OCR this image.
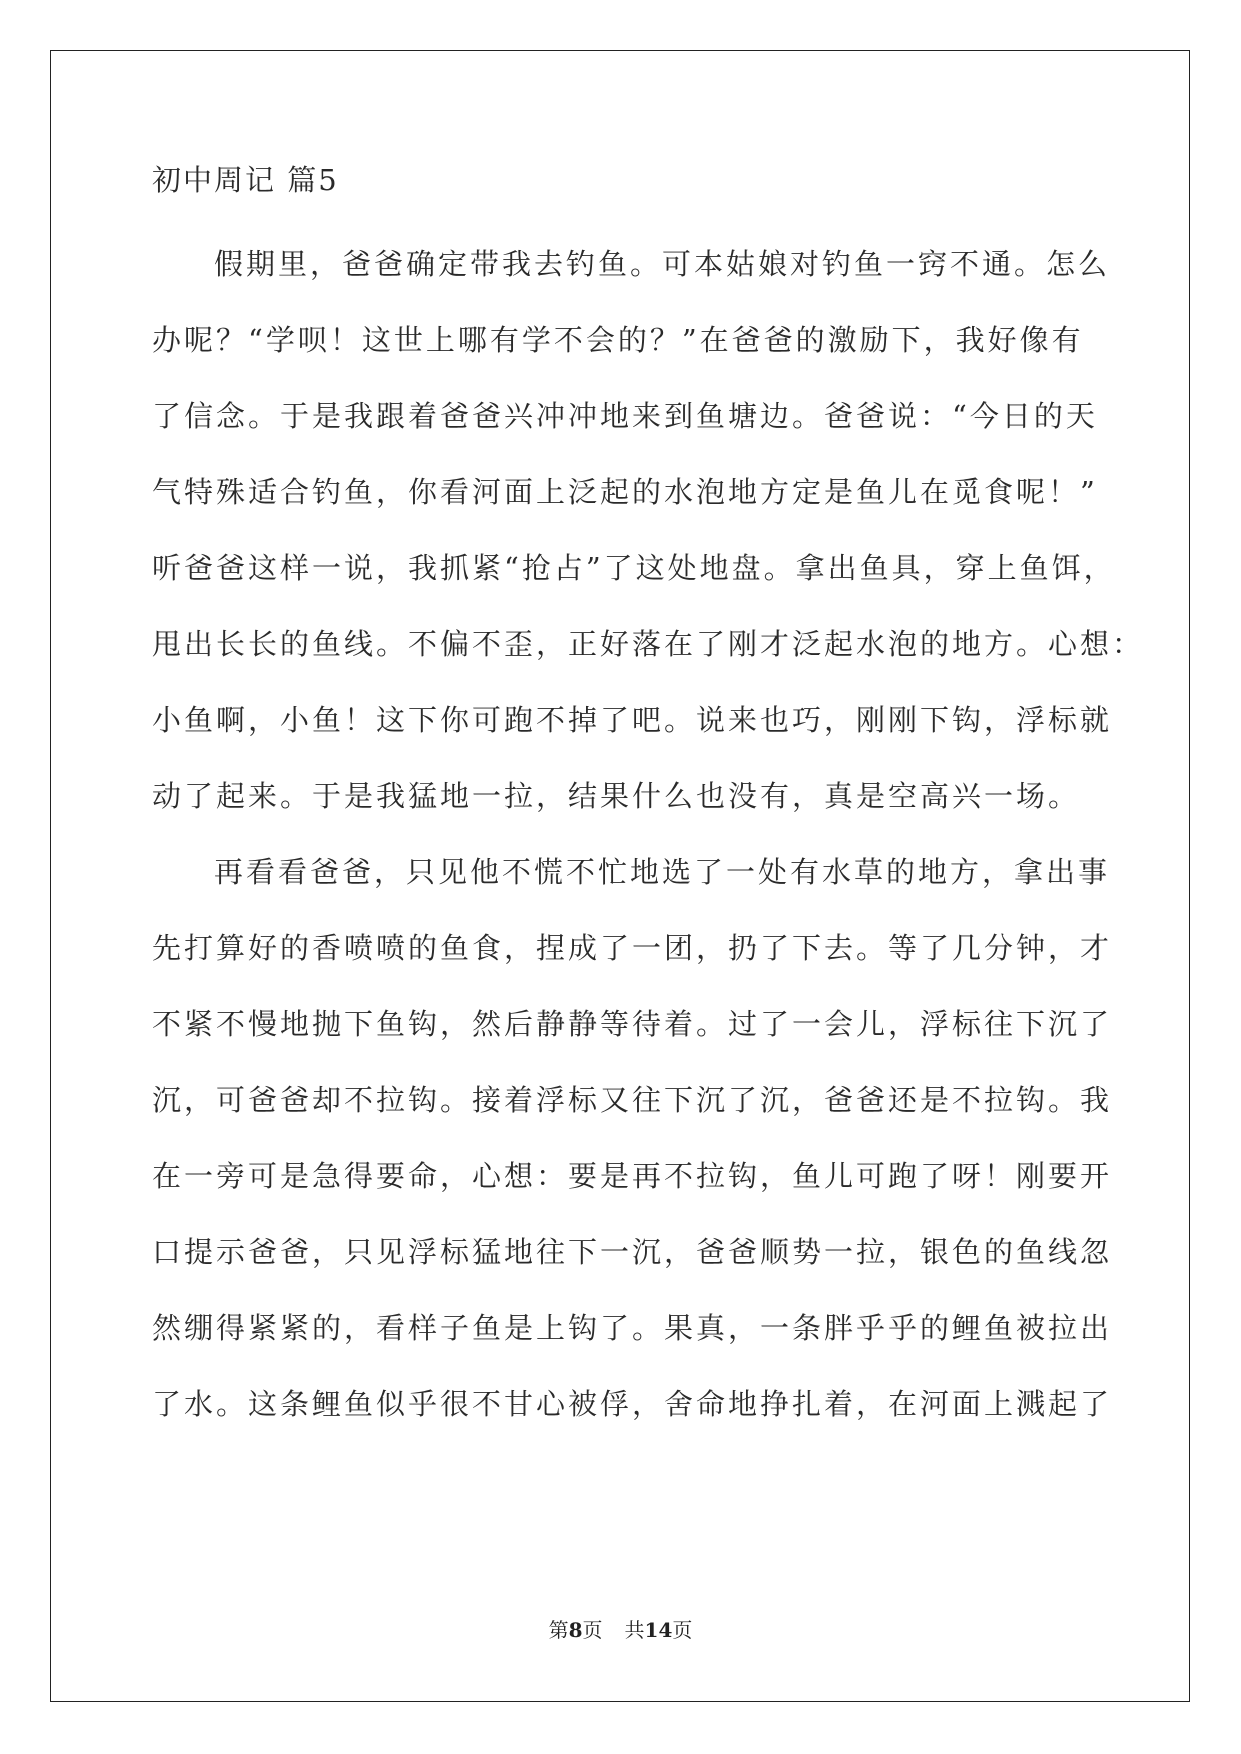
初中周记 篇5
假期里，爸爸确定带我去钓鱼。可本姑娘对钓鱼一窍不通。怎么
办呢？“学呗！这世上哪有学不会的？”在爸爸的激励下，我好像有
了信念。于是我跟着爸爸兴冲冲地来到鱼塘边。爸爸说：“今日的天
气特殊适合钓鱼，你看河面上泛起的水泡地方定是鱼儿在觅食呢！”
听爸爸这样一说，我抓紧“抢占”了这处地盘。拿出鱼具，穿上鱼饵，
甩出长长的鱼线。不偏不歪，正好落在了刚才泛起水泡的地方。心想：
小鱼啊，小鱼！这下你可跑不掉了吧。说来也巧，刚刚下钩，浮标就
动了起来。于是我猛地一拉，结果什么也没有，真是空高兴一场。
再看看爸爸，只见他不慌不忙地选了一处有水草的地方，拿出事
先打算好的香喷喷的鱼食，捏成了一团，扔了下去。等了几分钟，才
不紧不慢地抛下鱼钩，然后静静等待着。过了一会儿，浮标往下沉了
沉，可爸爸却不拉钩。接着浮标又往下沉了沉，爸爸还是不拉钩。我
在一旁可是急得要命，心想：要是再不拉钩，鱼儿可跑了呀！刚要开
口提示爸爸，只见浮标猛地往下一沉，爸爸顺势一拉，银色的鱼线忽
然绷得紧紧的，看样子鱼是上钩了。果真，一条胖乎乎的鲤鱼被拉出
了水。这条鲤鱼似乎很不甘心被俘，舍命地挣扎着，在河面上溅起了
第8页 共14页
